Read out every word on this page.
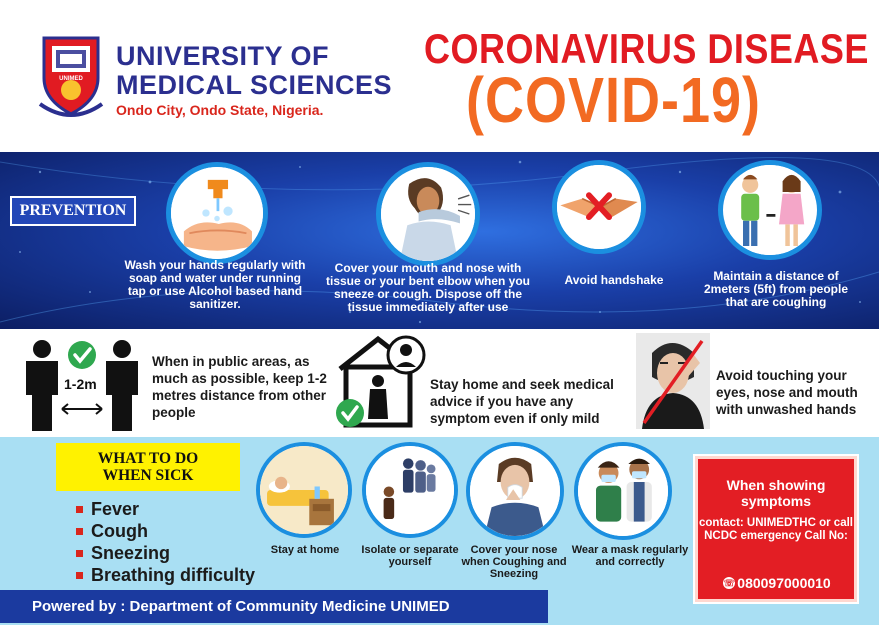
UNIMED
UNIVERSITY OF
MEDICAL SCIENCES
Ondo City, Ondo State, Nigeria.
CORONAVIRUS DISEASE
(COVID-19)
PREVENTION
Wash your hands regularly with soap and water under running tap or use Alcohol based hand sanitizer.
Cover your mouth and nose with tissue or your bent elbow when you sneeze or cough. Dispose off the tissue immediately after use
Avoid handshake	Maintain a distance of 2meters (5ft) from people that are coughing
When in public areas, as much as possible, keep 1-2 metres distance from other people
Stay home and seek medical advice if you have any symptom even if only mild
Avoid touching your eyes, nose and mouth with unwashed hands
1-2m
WHAT TO DO
WHEN SICK
Fever
Cough
Sneezing
Breathing difficulty
Stay at home	Isolate or separate yourself
Cover your nose when Coughing and Sneezing
Wear a mask regularly and correctly
When showing symptoms
contact: UNIMEDTHC or call NCDC emergency Call No:
☏ 080097000010
Powered by : Department of Community Medicine UNIMED
